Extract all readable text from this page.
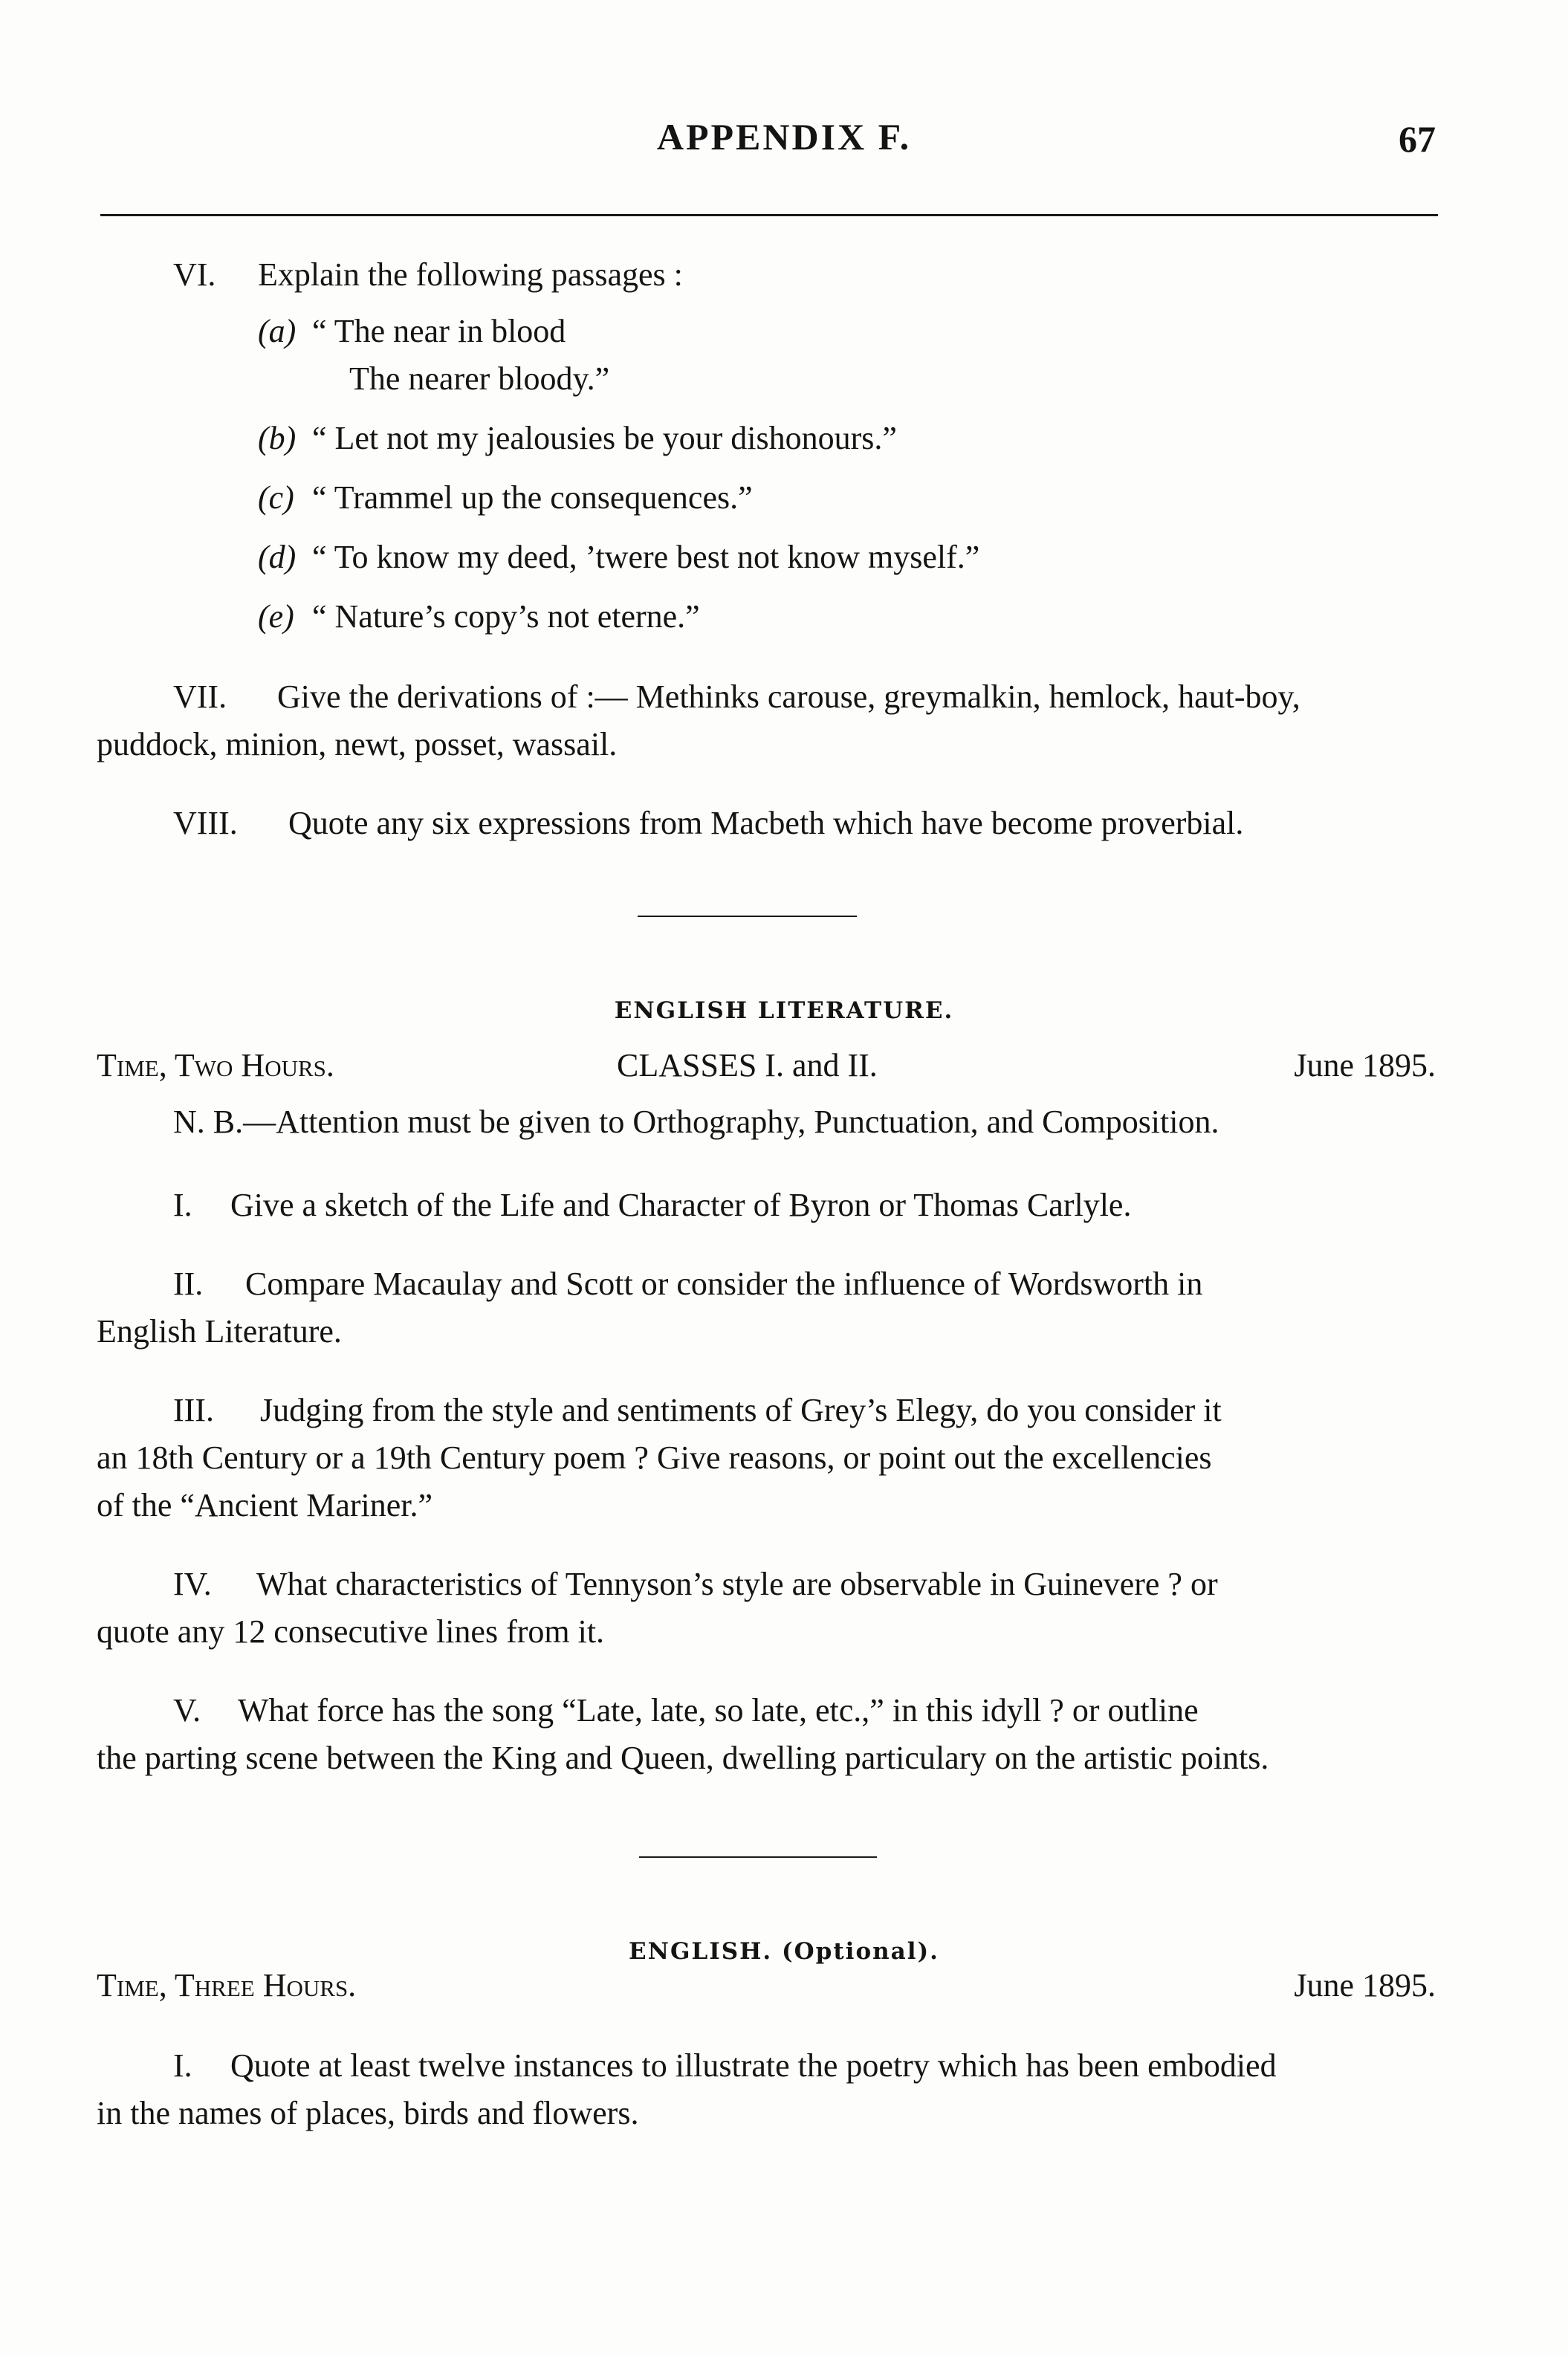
APPENDIX F.	67
VI. Explain the following passages :
(a) “ The near in blood
The nearer bloody.”
(b) “ Let not my jealousies be your dishonours.”
(c) “ Trammel up the consequences.”
(d) “ To know my deed, ’twere best not know myself.”
(e) “ Nature’s copy’s not eterne.”
VII. Give the derivations of :— Methinks carouse, greymalkin, hemlock, haut-boy,
puddock, minion, newt, posset, wassail.
VIII. Quote any six expressions from Macbeth which have become proverbial.
ENGLISH LITERATURE.
Time, Two Hours.	CLASSES I. and II.	June 1895.
N. B.—Attention must be given to Orthography, Punctuation, and Composition.
I. Give a sketch of the Life and Character of Byron or Thomas Carlyle.
II. Compare Macaulay and Scott or consider the influence of Wordsworth in
English Literature.
III. Judging from the style and sentiments of Grey’s Elegy, do you consider it
an 18th Century or a 19th Century poem ? Give reasons, or point out the excellencies
of the “Ancient Mariner.”
IV. What characteristics of Tennyson’s style are observable in Guinevere ? or
quote any 12 consecutive lines from it.
V. What force has the song “Late, late, so late, etc.,” in this idyll ? or outline
the parting scene between the King and Queen, dwelling particulary on the artistic points.
ENGLISH. (Optional).
Time, Three Hours.	June 1895.
I. Quote at least twelve instances to illustrate the poetry which has been embodied
in the names of places, birds and flowers.
